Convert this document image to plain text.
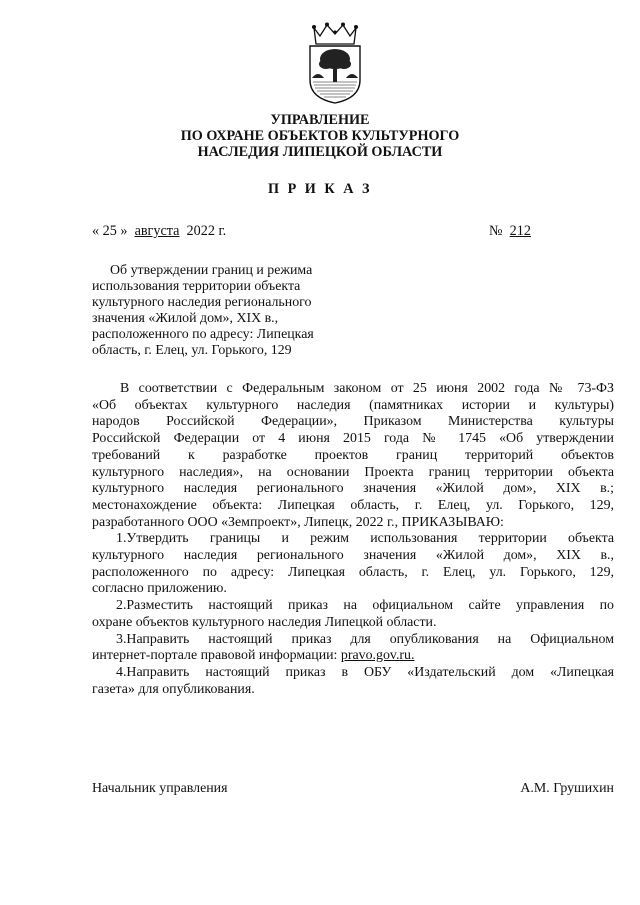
УПРАВЛЕНИЕ
ПО ОХРАНЕ ОБЪЕКТОВ КУЛЬТУРНОГО
НАСЛЕДИЯ ЛИПЕЦКОЙ ОБЛАСТИ
П Р И К А З
« 25 »  августа 2022 г.	№ 212
Об утверждении границ и режима
использования территории объекта
культурного наследия регионального
значения «Жилой дом», XIX в.,
расположенного по адресу: Липецкая
область, г. Елец, ул. Горького, 129
В соответствии с Федеральным законом от 25 июня 2002 года № 73-ФЗ
«Об объектах культурного наследия (памятниках истории и культуры)
народов Российской Федерации», Приказом Министерства культуры
Российской Федерации от 4 июня 2015 года № 1745 «Об утверждении
требований к разработке проектов границ территорий объектов
культурного наследия», на основании Проекта границ территории объекта
культурного наследия регионального значения «Жилой дом», XIX в.;
местонахождение объекта: Липецкая область, г. Елец, ул. Горького, 129,
разработанного ООО «Земпроект», Липецк, 2022 г., ПРИКАЗЫВАЮ:
1.Утвердить границы и режим использования территории объекта
культурного наследия регионального значения «Жилой дом», XIX в.,
расположенного по адресу: Липецкая область, г. Елец, ул. Горького, 129,
согласно приложению.
2.Разместить настоящий приказ на официальном сайте управления по
охране объектов культурного наследия Липецкой области.
3.Направить настоящий приказ для опубликования на Официальном
интернет-портале правовой информации: pravo.gov.ru.
4.Направить настоящий приказ в ОБУ «Издательский дом «Липецкая
газета» для опубликования.
Начальник управления	А.М. Грушихин
